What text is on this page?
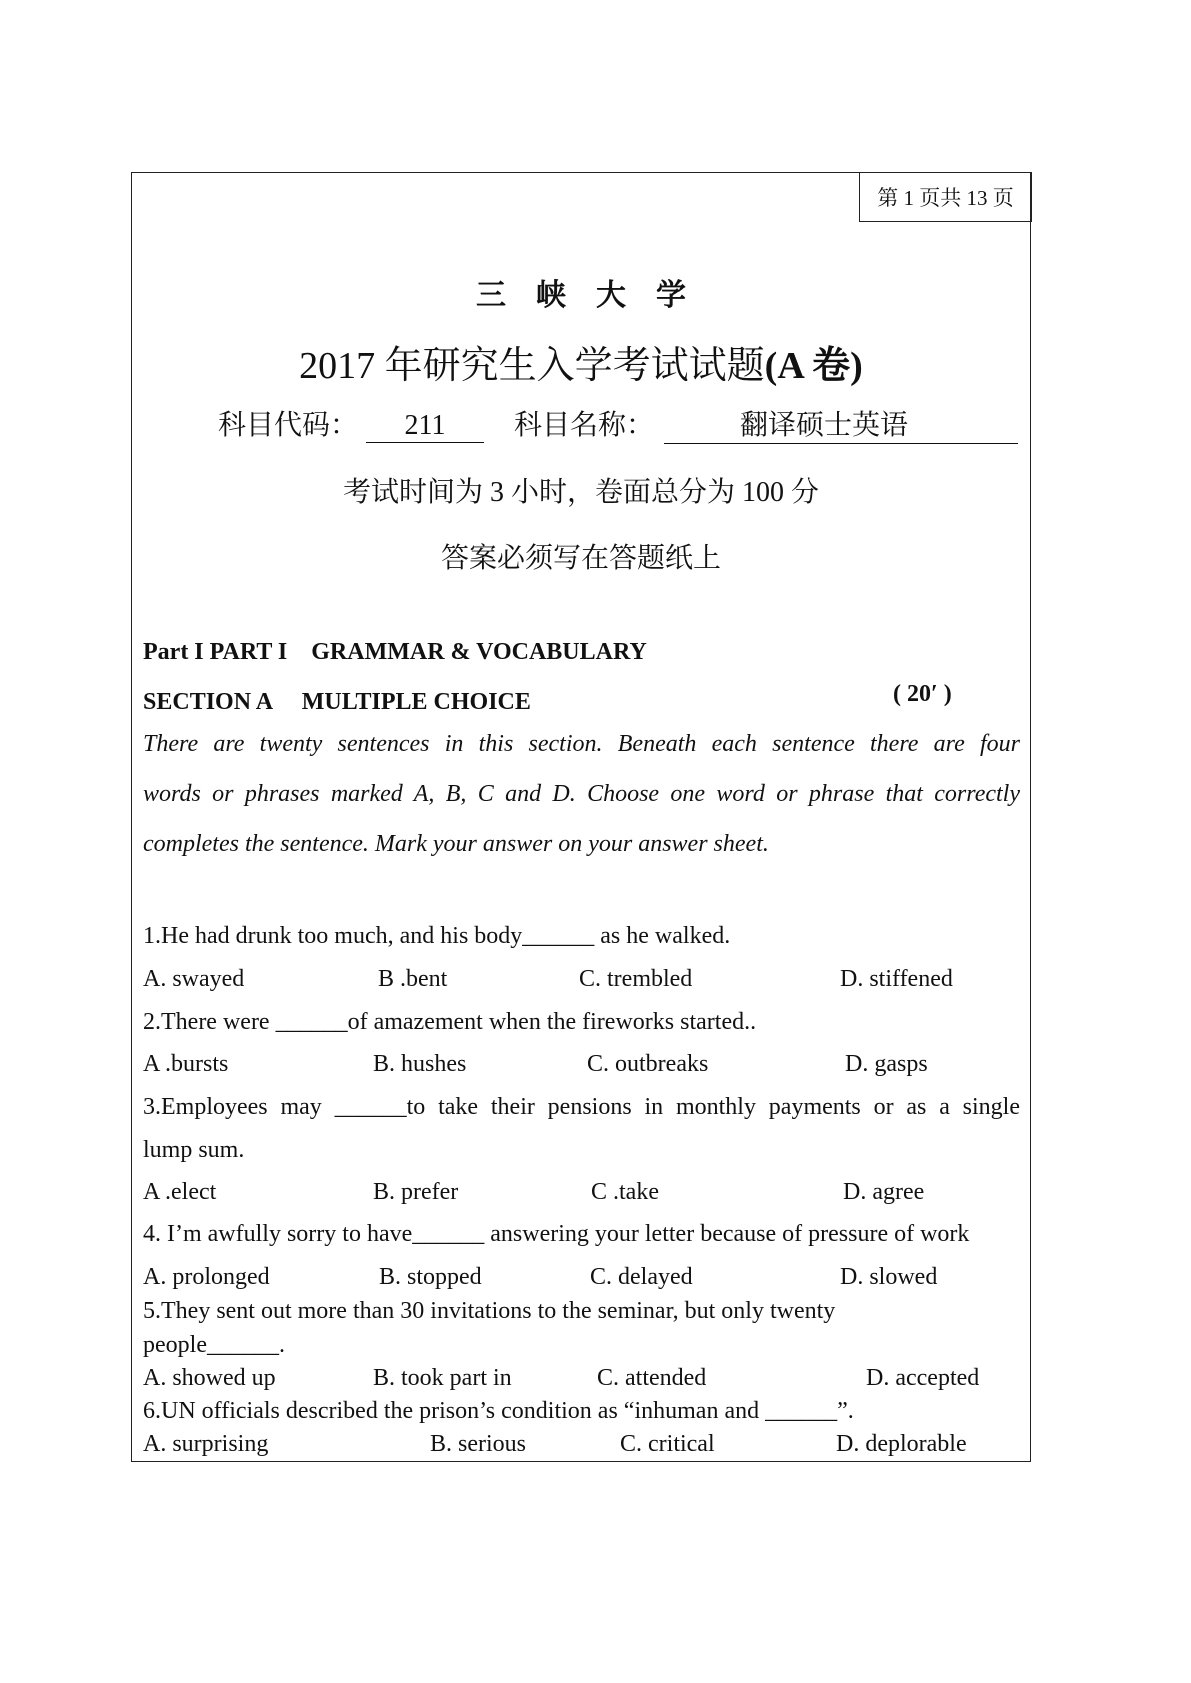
第 1 页共 13 页
三　峡　大　学
2017 年研究生入学考试试题(A 卷)
科目代码： 211 科目名称：	翻译硕士英语
考试时间为 3 小时，卷面总分为 100 分
答案必须写在答题纸上
Part I PART I　GRAMMAR & VOCABULARY
SECTION A　 MULTIPLE CHOICE	( 20′ )
There are twenty sentences in this section. Beneath each sentence there are four
words or phrases marked A, B, C and D. Choose one word or phrase that correctly
completes the sentence. Mark your answer on your answer sheet.
1.He had drunk too much, and his body______ as he walked.
A. swayed	B .bent	C. trembled	D. stiffened
2.There were ______of amazement when the fireworks started..
A .bursts	B. hushes	C. outbreaks	D. gasps
3.Employees may ______to take their pensions in monthly payments or as a single
lump sum.
A .elect	B. prefer	C .take	D. agree
4. I’m awfully sorry to have______ answering your letter because of pressure of work
A. prolonged	B. stopped	C. delayed	D. slowed
5.They sent out more than 30 invitations to the seminar, but only twenty
people______.
A. showed up	B. took part in	C. attended	D. accepted
6.UN officials described the prison’s condition as “inhuman and ______”.
A. surprising	B. serious	C. critical	D. deplorable
